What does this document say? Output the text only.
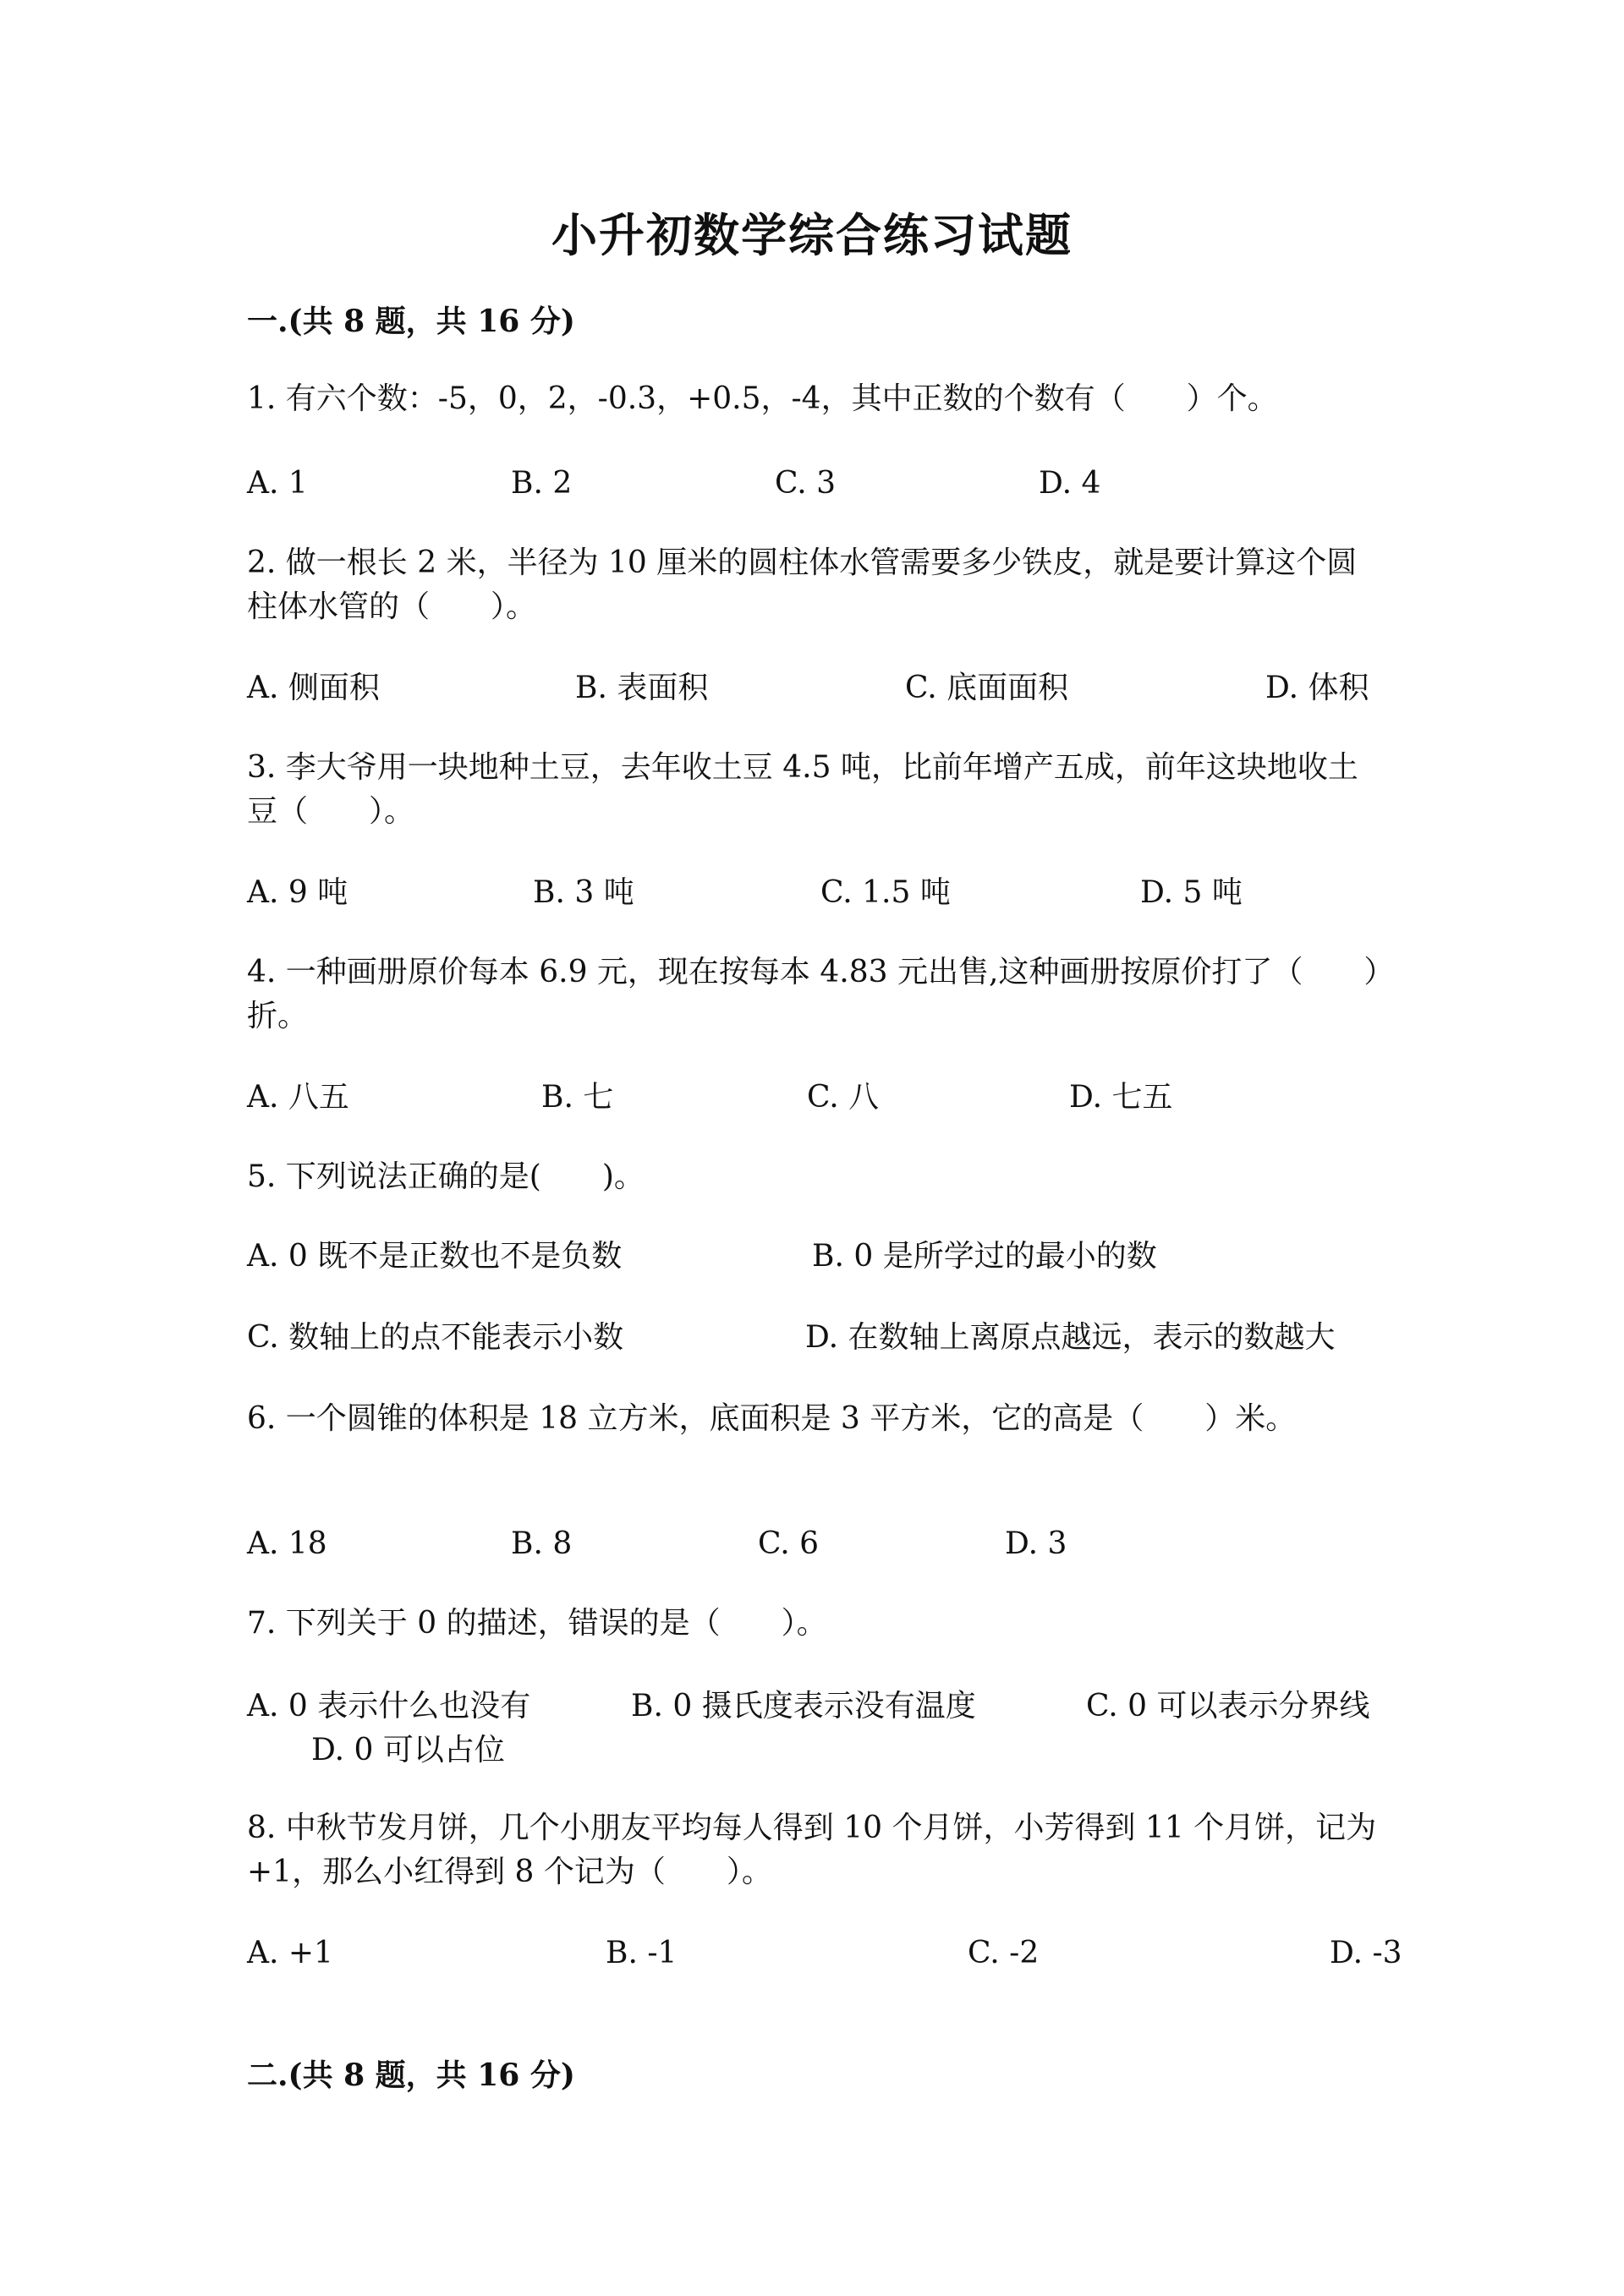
小升初数学综合练习试题
一.(共 8 题，共 16 分)
1. 有六个数：-5，0，2，-0.3，+0.5，-4，其中正数的个数有（　　）个。
A. 1	B. 2	C. 3	D. 4
2. 做一根长 2 米，半径为 10 厘米的圆柱体水管需要多少铁皮，就是要计算这个圆柱体水管的（　　）。
A. 侧面积	B. 表面积	C. 底面面积	D. 体积
3. 李大爷用一块地种土豆，去年收土豆 4.5 吨，比前年增产五成，前年这块地收土豆（　　）。
A. 9 吨	B. 3 吨	C. 1.5 吨	D. 5 吨
4. 一种画册原价每本 6.9 元，现在按每本 4.83 元出售,这种画册按原价打了（　　）折。
A. 八五	B. 七	C. 八	D. 七五
5. 下列说法正确的是(　　)。
A. 0 既不是正数也不是负数	B. 0 是所学过的最小的数
C. 数轴上的点不能表示小数	D. 在数轴上离原点越远，表示的数越大
6. 一个圆锥的体积是 18 立方米，底面积是 3 平方米，它的高是（　　）米。
A. 18	B. 8	C. 6	D. 3
7. 下列关于 0 的描述，错误的是（　　）。
A. 0 表示什么也没有	B. 0 摄氏度表示没有温度	C. 0 可以表示分界线
D. 0 可以占位
8. 中秋节发月饼，几个小朋友平均每人得到 10 个月饼，小芳得到 11 个月饼，记为+1，那么小红得到 8 个记为（　　）。
A. +1	B. -1	C. -2	D. -3
二.(共 8 题，共 16 分)
